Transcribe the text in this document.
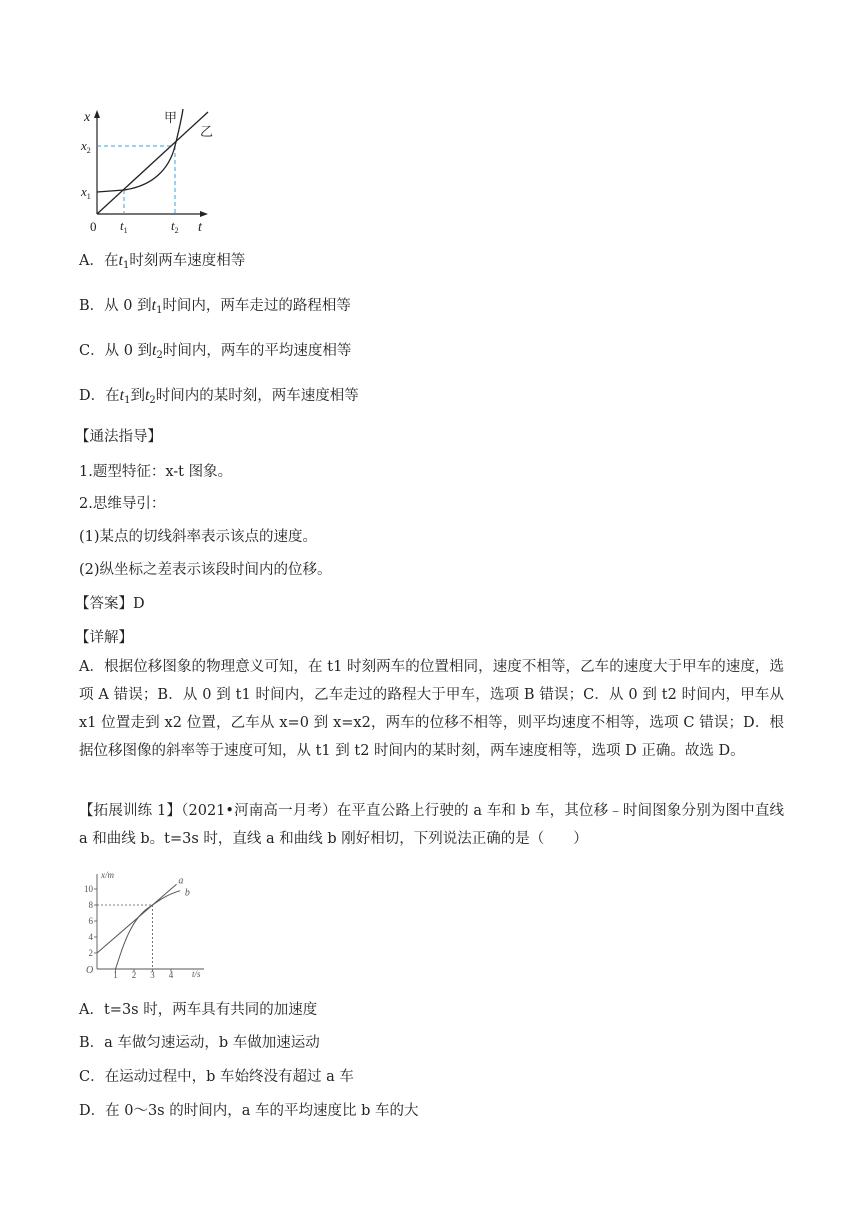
x
t
0
$x_2$
$x_1$
$t_1$	$t_2$
甲
乙
A．在$t_1$时刻两车速度相等
B．从 0 到$t_1$时间内，两车走过的路程相等
C．从 0 到$t_2$时间内，两车的平均速度相等
D．在$t_1$到$t_2$时间内的某时刻，两车速度相等
【通法指导】
1.题型特征：x-t 图象。
2.思维导引：
(1)某点的切线斜率表示该点的速度。
(2)纵坐标之差表示该段时间内的位移。
【答案】D
【详解】
A．根据位移图象的物理意义可知，在 t1 时刻两车的位置相同，速度不相等，乙车的速度大于甲车的速度，选项 A 错误；B．从 0 到 t1 时间内，乙车走过的路程大于甲车，选项 B 错误；C．从 0 到 t2 时间内，甲车从 x1 位置走到 x2 位置，乙车从 x=0 到 x=x2，两车的位移不相等，则平均速度不相等，选项 C 错误；D．根据位移图像的斜率等于速度可知，从 t1 到 t2 时间内的某时刻，两车速度相等，选项 D 正确。故选 D。
【拓展训练 1】（2021•河南高一月考）在平直公路上行驶的 a 车和 b 车，其位移﹣时间图象分别为图中直线 a 和曲线 b。t=3s 时，直线 a 和曲线 b 刚好相切，下列说法正确的是（　　）
x/m
t/s
O
2
4
6
8
10
1 2 3 4
a
b
A．t=3s 时，两车具有共同的加速度
B．a 车做匀速运动，b 车做加速运动
C．在运动过程中，b 车始终没有超过 a 车
D．在 0～3s 的时间内，a 车的平均速度比 b 车的大
